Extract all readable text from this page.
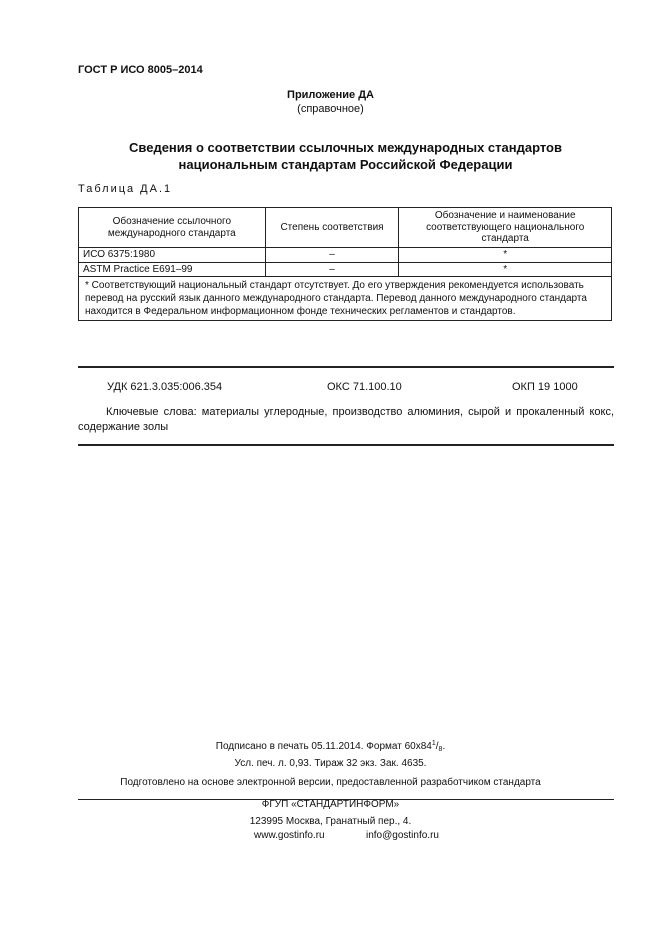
ГОСТ Р ИСО 8005–2014
Приложение ДА
(справочное)
Сведения о соответствии ссылочных международных стандартов
национальным стандартам Российской Федерации
Таблица ДА.1
Обозначение ссылочного международного стандарта	Степень соответствия	Обозначение и наименование соответствующего национального стандарта
ИСО 6375:1980	–	*
ASTM Practice E691–99	–	*
* Соответствующий национальный стандарт отсутствует. До его утверждения рекомендуется использовать перевод на русский язык данного международного стандарта. Перевод данного международного стандарта находится в Федеральном информационном фонде технических регламентов и стандартов.		
УДК 621.3.035:006.354	ОКС 71.100.10	ОКП 19 1000
Ключевые слова: материалы углеродные, производство алюминия, сырой и прокаленный кокс, содержание золы
Подписано в печать 05.11.2014. Формат $60x84^1/_8$.
Усл. печ. л. 0,93. Тираж 32 экз. Зак. 4635.
Подготовлено на основе электронной версии, предоставленной разработчиком стандарта
ФГУП «СТАНДАРТИНФОРМ»
123995 Москва, Гранатный пер., 4.
www.gostinfo.ru	info@gostinfo.ru
